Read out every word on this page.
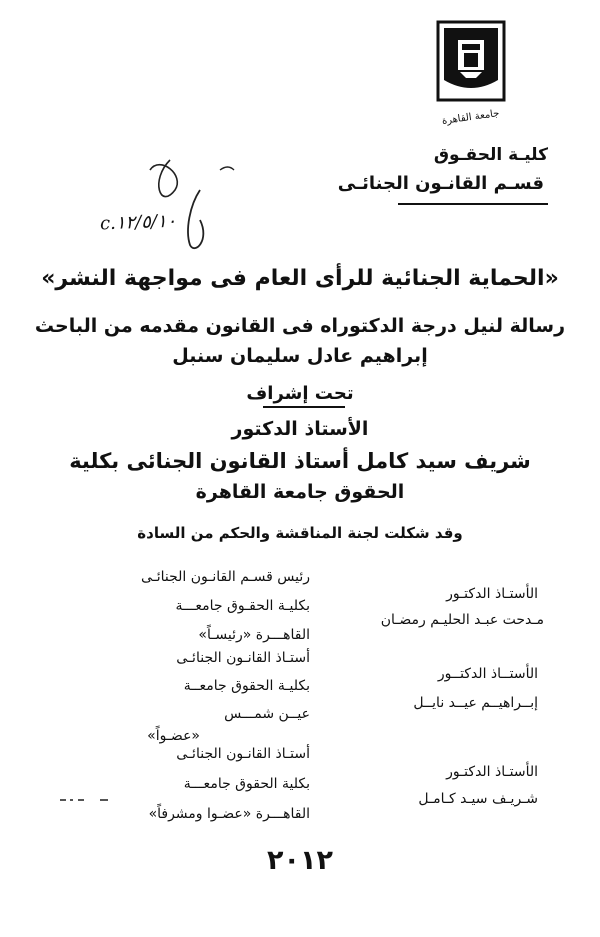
جامعة القاهرة
كليـة الحقـوق
قسـم القانـون الجنائـى
c.١٢/٥/١٠
«الحماية الجنائية للرأى العام فى مواجهة النشر»
رسالة لنيل درجة الدكتوراه فى القانون مقدمه من الباحث
إبراهيم عادل سليمان سنبل
تحت إشراف
الأستاذ الدكتور
شريف سيد كامل أستاذ القانون الجنائى بكلية
الحقوق جامعة القاهرة
وقد شكلت لجنة المناقشة والحكم من السادة
الأستـاذ الدكتـور
مـدحت عبـد الحليـم رمضـان
رئيس قسـم القانـون الجنائـى
بكليـة الحقـوق جامعـــة
القاهـــرة «رئيسـاً»
الأستــاذ الدكتــور
إبــراهيــم عيــد نايــل
أستـاذ القانـون الجنائـى
بكليـة الحقوق جامعــة
عيــن شمـــس
«عضـواً»
الأستـاذ الدكتـور
شـريـف سيـد كـامـل
أستـاذ القانـون الجنائـى
بكلية الحقوق جامعـــة
القاهـــرة «عضـوا ومشرفاً»
٢٠١٢
